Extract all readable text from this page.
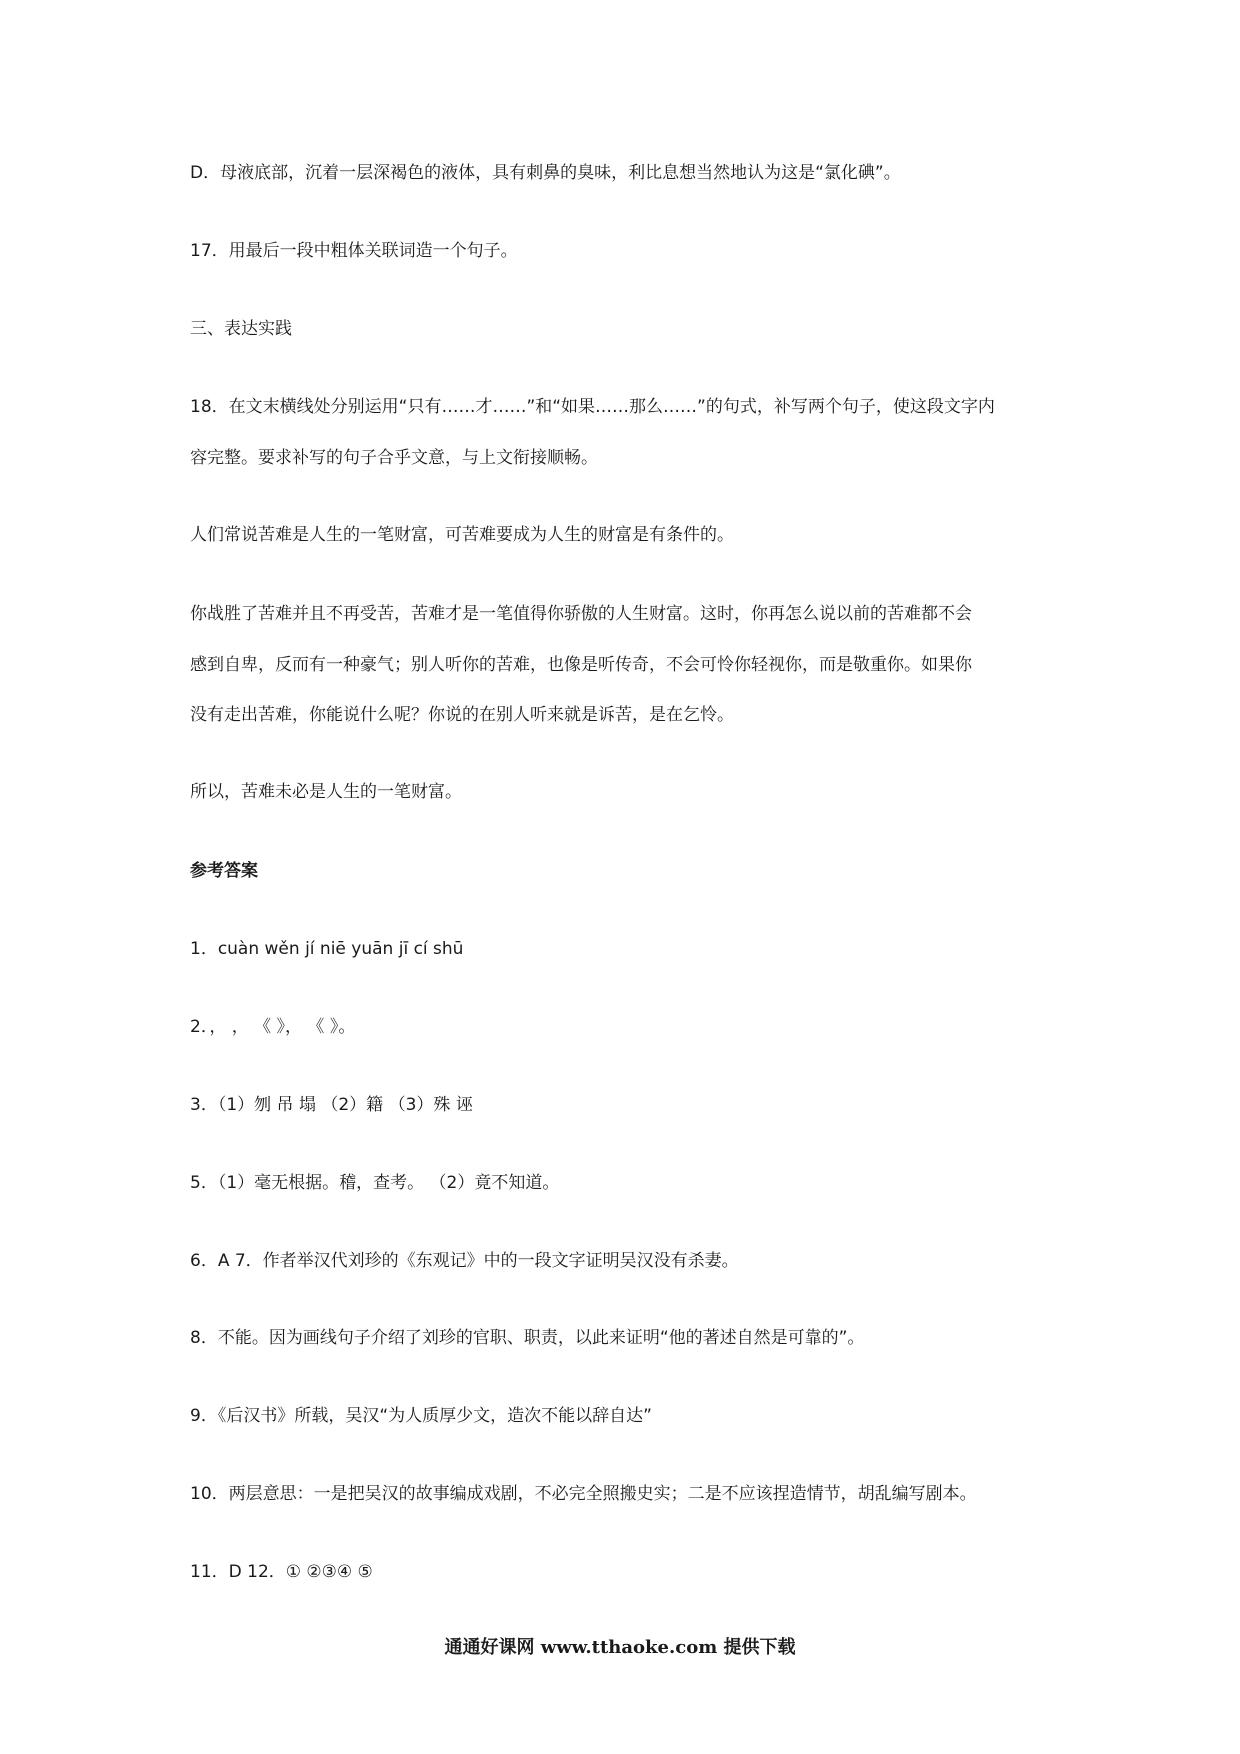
D．母液底部，沉着一层深褐色的液体，具有刺鼻的臭味，利比息想当然地认为这是“氯化碘”。
17．用最后一段中粗体关联词造一个句子。
三、表达实践
18．在文末横线处分别运用“只有……才……”和“如果……那么……”的句式，补写两个句子，使这段文字内
容完整。要求补写的句子合乎文意，与上文衔接顺畅。
人们常说苦难是人生的一笔财富，可苦难要成为人生的财富是有条件的。
你战胜了苦难并且不再受苦，苦难才是一笔值得你骄傲的人生财富。这时，你再怎么说以前的苦难都不会
感到自卑，反而有一种豪气；别人听你的苦难，也像是听传奇，不会可怜你轻视你，而是敬重你。如果你
没有走出苦难，你能说什么呢？你说的在别人听来就是诉苦，是在乞怜。
所以，苦难未必是人生的一笔财富。
参考答案
1．cuàn wěn jí niē yuān jī cí shū
2．， ， 《 》， 《 》。
3．（1）刎 吊 塌 （2）籍 （3）殊 诬
5．（1）毫无根据。稽，查考。 （2）竟不知道。
6．A 7．作者举汉代刘珍的《东观记》中的一段文字证明吴汉没有杀妻。
8．不能。因为画线句子介绍了刘珍的官职、职责，以此来证明“他的著述自然是可靠的”。
9．《后汉书》所载，吴汉“为人质厚少文，造次不能以辞自达”
10．两层意思：一是把吴汉的故事编成戏剧，不必完全照搬史实；二是不应该捏造情节，胡乱编写剧本。
11．D 12．① ②③④ ⑤
通通好课网 www.tthaoke.com 提供下载
